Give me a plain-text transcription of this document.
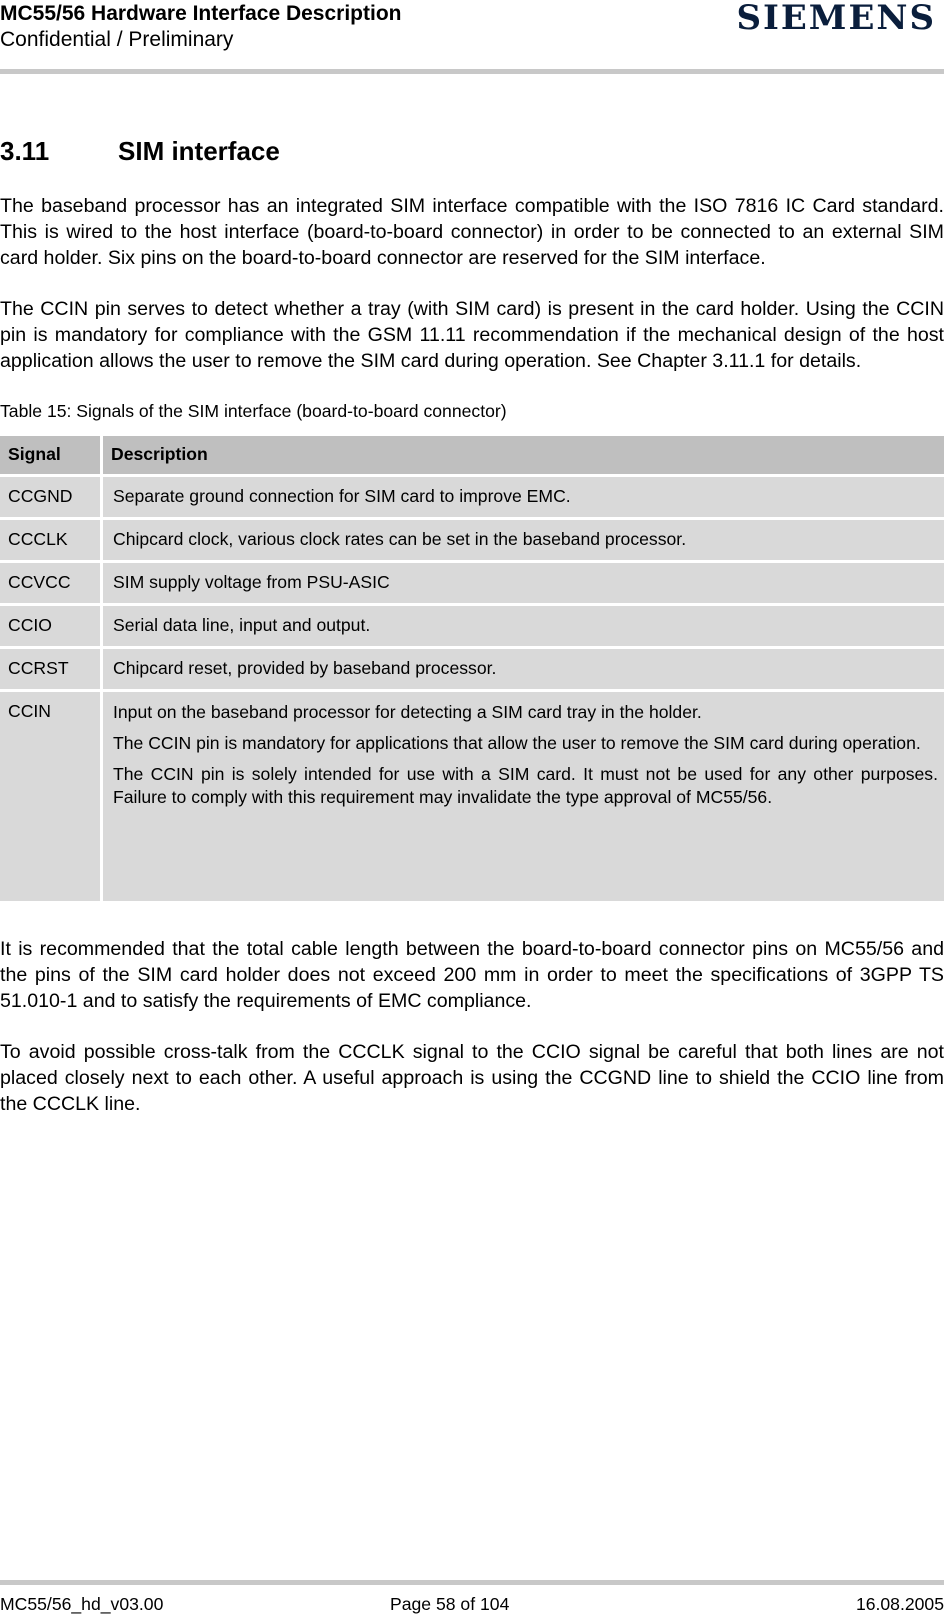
MC55/56 Hardware Interface Description
Confidential / Preliminary
SIEMENS
3.11	SIM interface

The baseband processor has an integrated SIM interface compatible with the ISO 7816 IC Card standard. This is wired to the host interface (board-to-board connector) in order to be connected to an external SIM card holder. Six pins on the board-to-board connector are reserved for the SIM interface.

The CCIN pin serves to detect whether a tray (with SIM card) is present in the card holder. Using the CCIN pin is mandatory for compliance with the GSM 11.11 recommendation if the mechanical design of the host application allows the user to remove the SIM card during operation. See Chapter 3.11.1 for details.

Table 15: Signals of the SIM interface (board-to-board connector)
Signal	Description
CCGND	Separate ground connection for SIM card to improve EMC.
CCCLK	Chipcard clock, various clock rates can be set in the baseband processor.
CCVCC	SIM supply voltage from PSU-ASIC
CCIO	Serial data line, input and output.
CCRST	Chipcard reset, provided by baseband processor.
CCIN	Input on the baseband processor for detecting a SIM card tray in the holder.
The CCIN pin is mandatory for applications that allow the user to remove the SIM card during operation.
The CCIN pin is solely intended for use with a SIM card. It must not be used for any other purposes. Failure to comply with this requirement may invalidate the type approval of MC55/56.

It is recommended that the total cable length between the board-to-board connector pins on MC55/56 and the pins of the SIM card holder does not exceed 200 mm in order to meet the specifications of 3GPP TS 51.010-1 and to satisfy the requirements of EMC compliance.

To avoid possible cross-talk from the CCCLK signal to the CCIO signal be careful that both lines are not placed closely next to each other. A useful approach is using the CCGND line to shield the CCIO line from the CCCLK line.

MC55/56_hd_v03.00	Page 58 of 104	16.08.2005
